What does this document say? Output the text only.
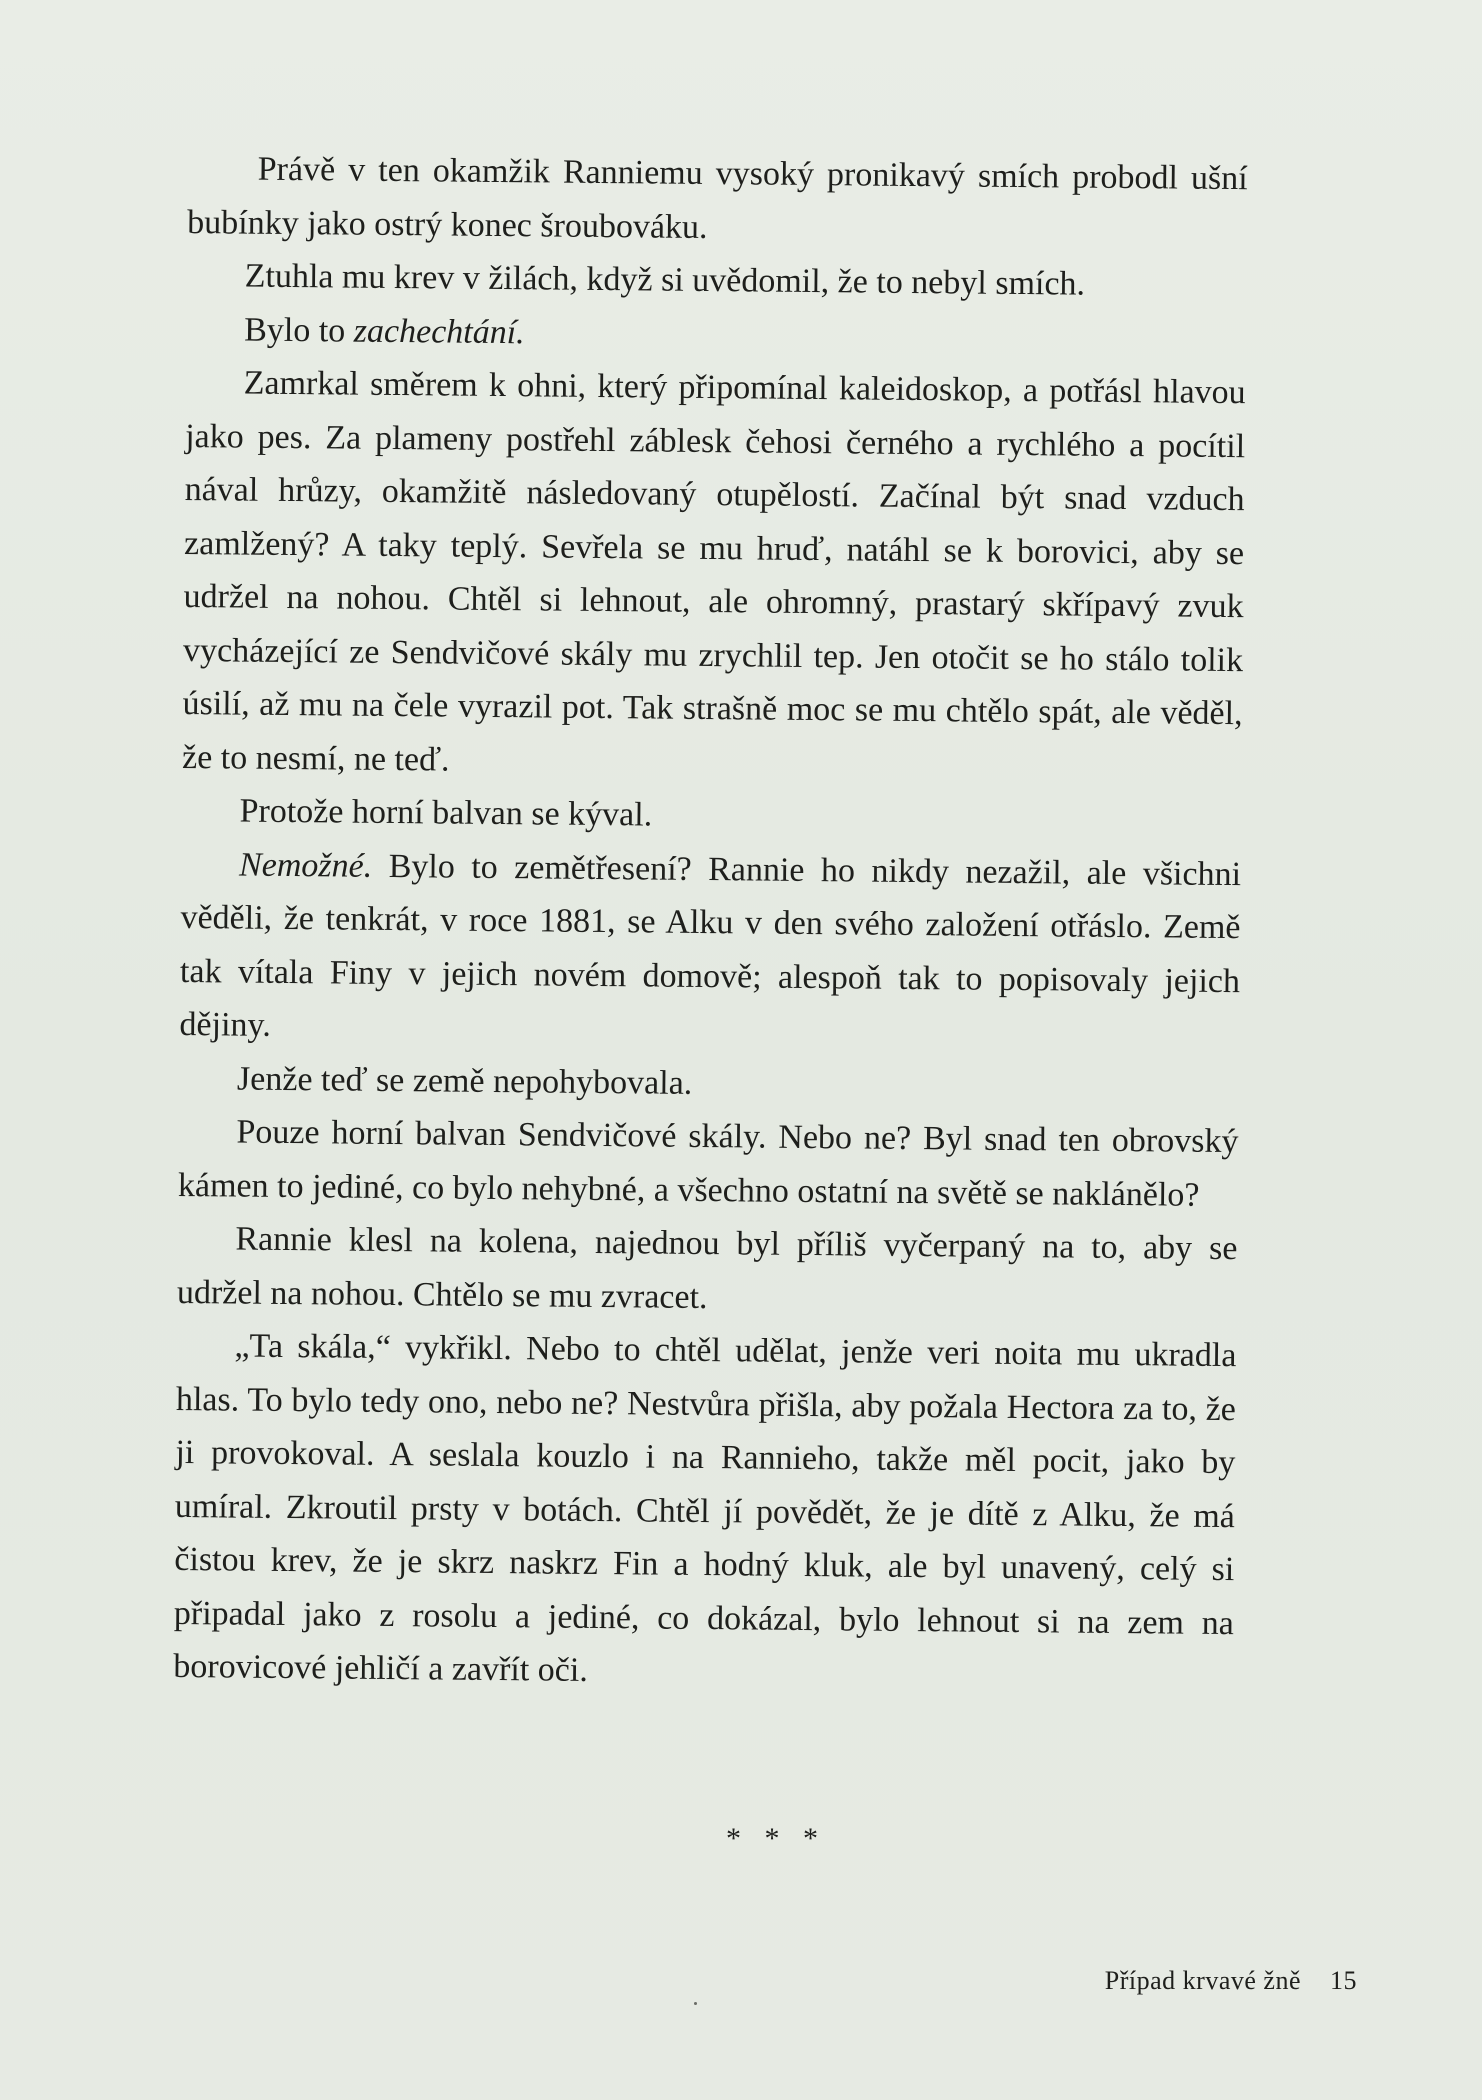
Právě v ten okamžik Ranniemu vysoký pronikavý smích probodl ušní bubínky jako ostrý konec šroubováku.

Ztuhla mu krev v žilách, když si uvědomil, že to nebyl smích.

Bylo to zachechtání.

Zamrkal směrem k ohni, který připomínal kaleidoskop, a potřásl hlavou jako pes. Za plameny postřehl záblesk čehosi černého a rychlého a pocítil nával hrůzy, okamžitě následovaný otupělostí. Začínal být snad vzduch zamlžený? A taky teplý. Sevřela se mu hruď, natáhl se k borovici, aby se udržel na nohou. Chtěl si lehnout, ale ohromný, prastarý skřípavý zvuk vycházející ze Sendvičové skály mu zrychlil tep. Jen otočit se ho stálo tolik úsilí, až mu na čele vyrazil pot. Tak strašně moc se mu chtělo spát, ale věděl, že to nesmí, ne teď.

Protože horní balvan se kýval.

Nemožné. Bylo to zemětřesení? Rannie ho nikdy nezažil, ale všichni věděli, že tenkrát, v roce 1881, se Alku v den svého založení otřáslo. Země tak vítala Finy v jejich novém domově; alespoň tak to popisovaly jejich dějiny.

Jenže teď se země nepohybovala.

Pouze horní balvan Sendvičové skály. Nebo ne? Byl snad ten obrovský kámen to jediné, co bylo nehybné, a všechno ostatní na světě se naklánělo?

Rannie klesl na kolena, najednou byl příliš vyčerpaný na to, aby se udržel na nohou. Chtělo se mu zvracet.

„Ta skála,“ vykřikl. Nebo to chtěl udělat, jenže veri noita mu ukradla hlas. To bylo tedy ono, nebo ne? Nestvůra přišla, aby požala Hectora za to, že ji provokoval. A seslala kouzlo i na Rannieho, takže měl pocit, jako by umíral. Zkroutil prsty v botách. Chtěl jí povědět, že je dítě z Alku, že má čistou krev, že je skrz naskrz Fin a hodný kluk, ale byl unavený, celý si připadal jako z rosolu a jediné, co dokázal, bylo lehnout si na zem na borovicové jehličí a zavřít oči.

* * *
Případ krvavé žně 15
